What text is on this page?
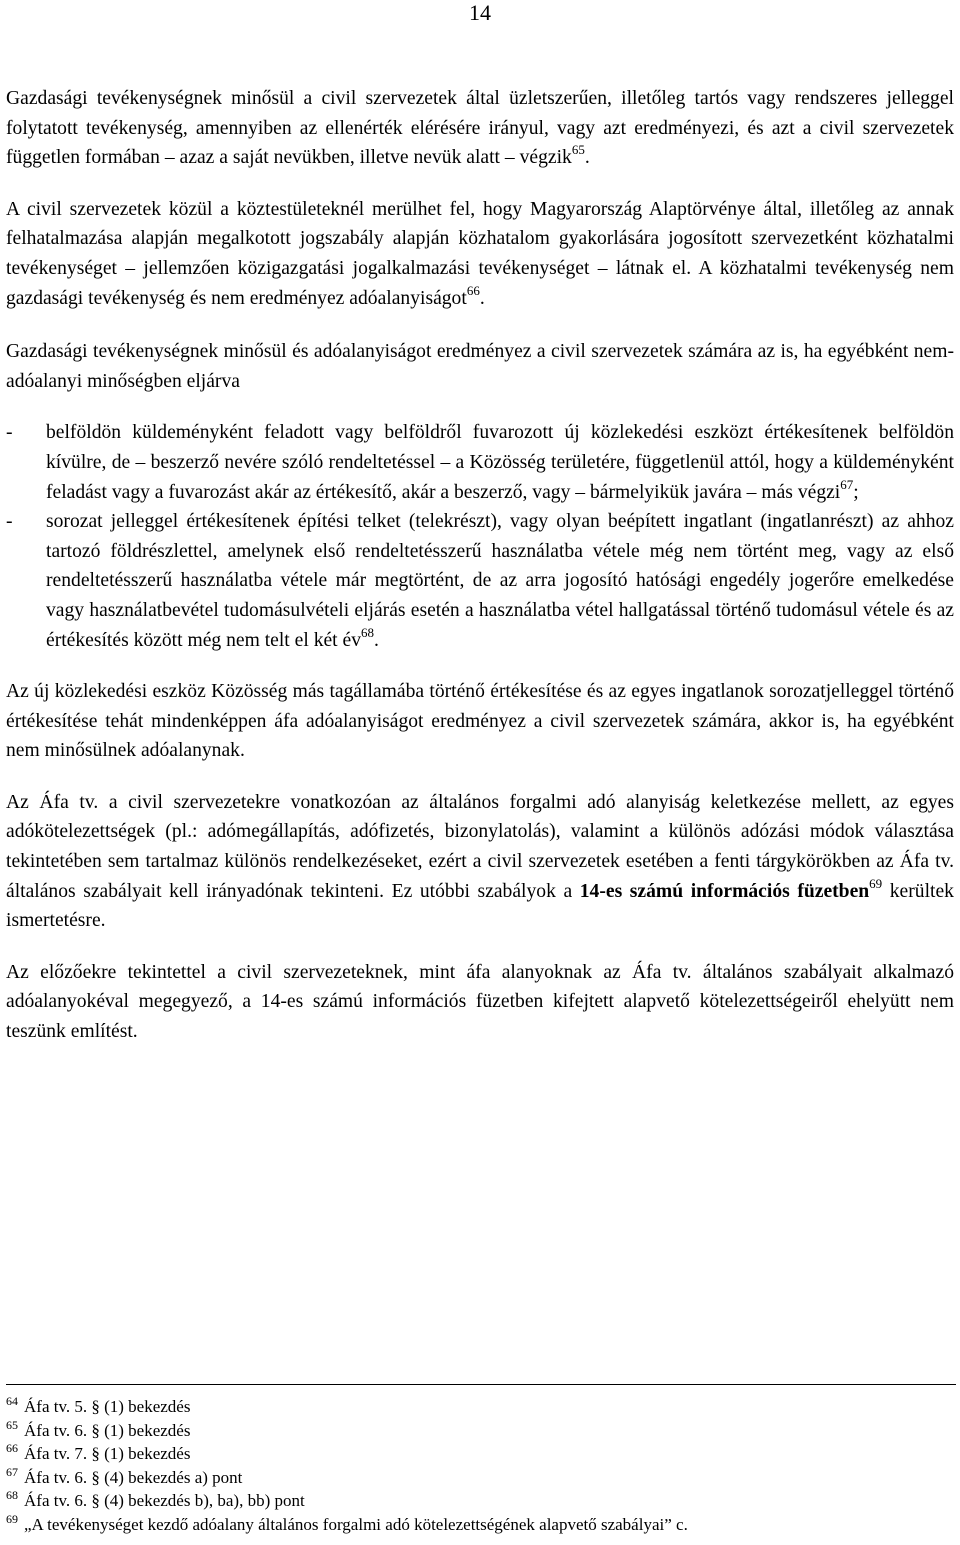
14

Gazdasági tevékenységnek minősül a civil szervezetek által üzletszerűen, illetőleg tartós vagy rendszeres jelleggel folytatott tevékenység, amennyiben az ellenérték elérésére irányul, vagy azt eredményezi, és azt a civil szervezetek független formában ‒ azaz a saját nevükben, illetve nevük alatt ‒ végzik$^{65}$.

A civil szervezetek közül a köztestületeknél merülhet fel, hogy Magyarország Alaptörvénye által, illetőleg az annak felhatalmazása alapján megalkotott jogszabály alapján közhatalom gyakorlására jogosított szervezetként közhatalmi tevékenységet ‒ jellemzően közigazgatási jogalkalmazási tevékenységet ‒ látnak el. A közhatalmi tevékenység nem gazdasági tevékenység és nem eredményez adóalanyiságot$^{66}$.

Gazdasági tevékenységnek minősül és adóalanyiságot eredményez a civil szervezetek számára az is, ha egyébként nem-adóalanyi minőségben eljárva

- belföldön küldeményként feladott vagy belföldről fuvarozott új közlekedési eszközt értékesítenek belföldön kívülre, de ‒ beszerző nevére szóló rendeltetéssel ‒ a Közösség területére, függetlenül attól, hogy a küldeményként feladást vagy a fuvarozást akár az értékesítő, akár a beszerző, vagy ‒ bármelyikük javára ‒ más végzi$^{67}$;
- sorozat jelleggel értékesítenek építési telket (telekrészt), vagy olyan beépített ingatlant (ingatlanrészt) az ahhoz tartozó földrészlettel, amelynek első rendeltetésszerű használatba vétele még nem történt meg, vagy az első rendeltetésszerű használatba vétele már megtörtént, de az arra jogosító hatósági engedély jogerőre emelkedése vagy használatbevétel tudomásulvételi eljárás esetén a használatba vétel hallgatással történő tudomásul vétele és az értékesítés között még nem telt el két $év^{68}$.

Az új közlekedési eszköz Közösség más tagállamába történő értékesítése és az egyes ingatlanok sorozatjelleggel történő értékesítése tehát mindenképpen áfa adóalanyiságot eredményez a civil szervezetek számára, akkor is, ha egyébként nem minősülnek adóalanynak.

Az Áfa tv. a civil szervezetekre vonatkozóan az általános forgalmi adó alanyiság keletkezése mellett, az egyes adókötelezettségek (pl.: adómegállapítás, adófizetés, bizonylatolás), valamint a különös adózási módok választása tekintetében sem tartalmaz különös rendelkezéseket, ezért a civil szervezetek esetében a fenti tárgykörökben az Áfa tv. általános szabályait kell irányadónak tekinteni. Ez utóbbi szabályok a 14-es számú információs füzetben$^{69}$ kerültek ismertetésre.

Az előzőekre tekintettel a civil szervezeteknek, mint áfa alanyoknak az Áfa tv. általános szabályait alkalmazó adóalanyokéval megegyező, a 14-es számú információs füzetben kifejtett alapvető kötelezettségeiről ehelyütt nem teszünk említést.

$^{64}$ Áfa tv. 5. § (1) bekezdés
$^{65}$ Áfa tv. 6. § (1) bekezdés
$^{66}$ Áfa tv. 7. § (1) bekezdés
$^{67}$ Áfa tv. 6. § (4) bekezdés a) pont
$^{68}$ Áfa tv. 6. § (4) bekezdés b), ba), bb) pont
$^{69}$ „A tevékenységet kezdő adóalany általános forgalmi adó kötelezettségének alapvető szabályai” c.
